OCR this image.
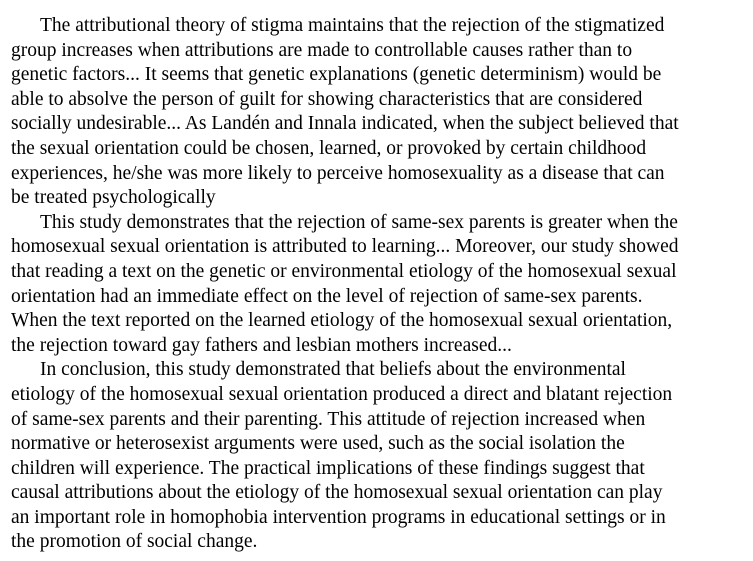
The attributional theory of stigma maintains that the rejection of the stigmatized
group increases when attributions are made to controllable causes rather than to
genetic factors... It seems that genetic explanations (genetic determinism) would be
able to absolve the person of guilt for showing characteristics that are considered
socially undesirable... As Landén and Innala indicated, when the subject believed that
the sexual orientation could be chosen, learned, or provoked by certain childhood
experiences, he/she was more likely to perceive homosexuality as a disease that can
be treated psychologically

This study demonstrates that the rejection of same-sex parents is greater when the
homosexual sexual orientation is attributed to learning... Moreover, our study showed
that reading a text on the genetic or environmental etiology of the homosexual sexual
orientation had an immediate effect on the level of rejection of same-sex parents.
When the text reported on the learned etiology of the homosexual sexual orientation,
the rejection toward gay fathers and lesbian mothers increased...

In conclusion, this study demonstrated that beliefs about the environmental
etiology of the homosexual sexual orientation produced a direct and blatant rejection
of same-sex parents and their parenting. This attitude of rejection increased when
normative or heterosexist arguments were used, such as the social isolation the
children will experience. The practical implications of these findings suggest that
causal attributions about the etiology of the homosexual sexual orientation can play
an important role in homophobia intervention programs in educational settings or in
the promotion of social change.
